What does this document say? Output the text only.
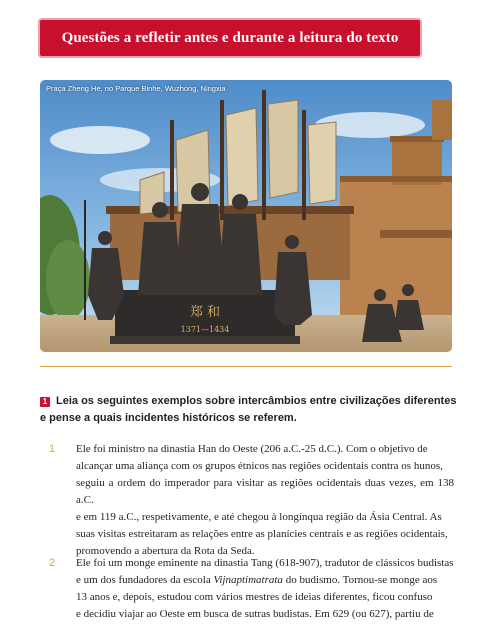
Questões a refletir antes e durante a leitura do texto
郑 和
1371—1434
Praça Zheng He, no Parque Binhe, Wuzhong, Ningxia
1 Leia os seguintes exemplos sobre intercâmbios entre civilizações diferentes e pense a quais incidentes históricos se referem.
1 Ele foi ministro na dinastia Han do Oeste (206 a.C.-25 d.C.). Com o objetivo de

alcançar uma aliança com os grupos étnicos nas regiões ocidentais contra os hunos,

seguiu a ordem do imperador para visitar as regiões ocidentais duas vezes, em 138 a.C.

e em 119 a.C., respetivamente, e até chegou à longínqua região da Ásia Central. As

suas visitas estreitaram as relações entre as planícies centrais e as regiões ocidentais,

promovendo a abertura da Rota da Seda.

2 Ele foi um monge eminente na dinastia Tang (618-907), tradutor de clássicos budistas

e um dos fundadores da escola Vijnaptimatrata do budismo. Tornou-se monge aos

13 anos e, depois, estudou com vários mestres de ideias diferentes, ficou confuso

e decidiu viajar ao Oeste em busca de sutras budistas. Em 629 (ou 627), partiu de
